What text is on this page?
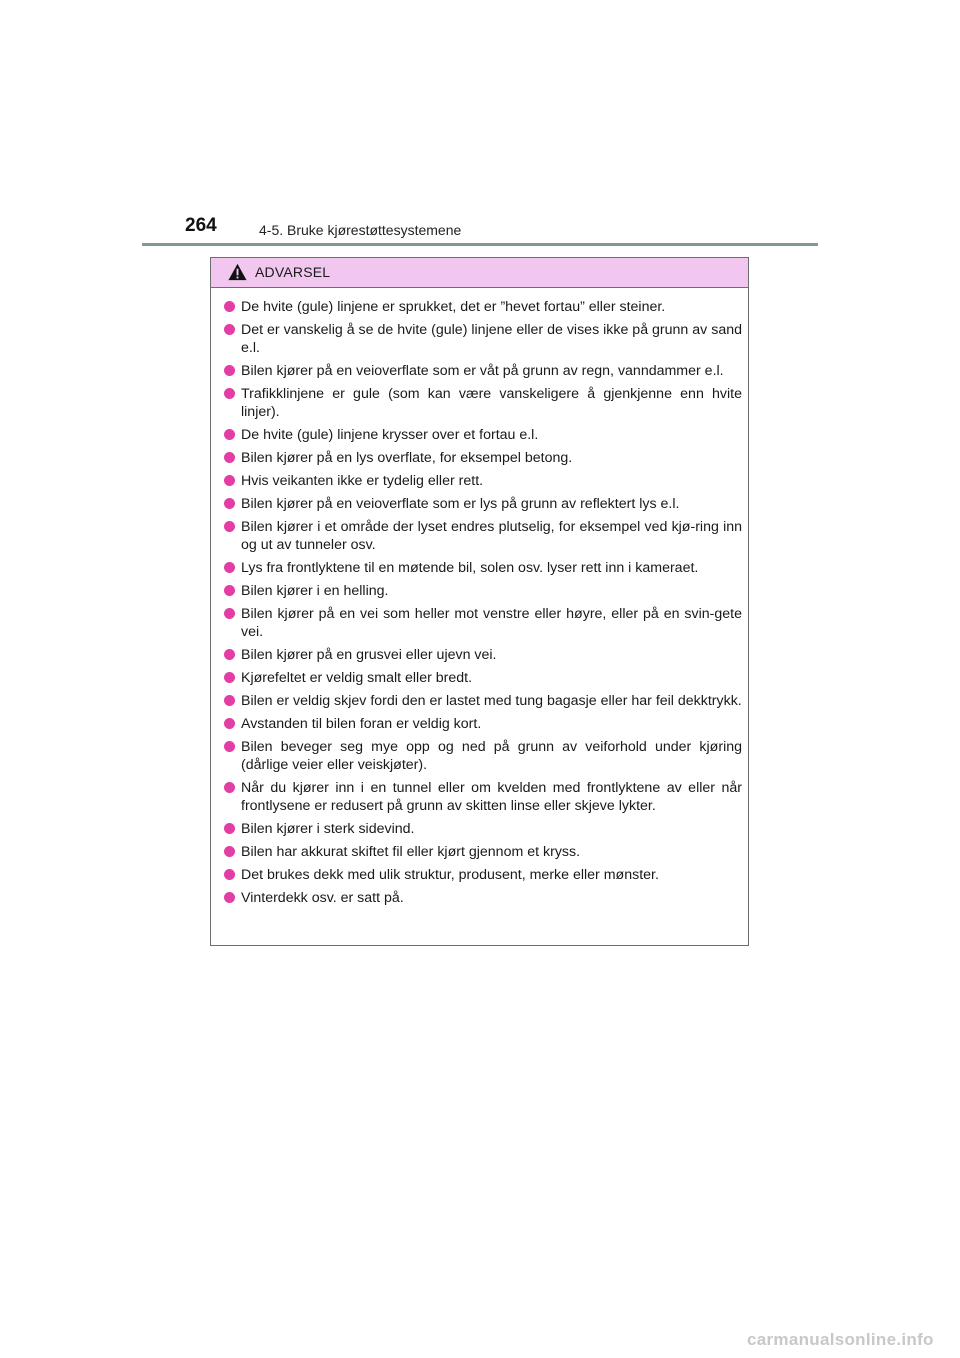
264	4-5. Bruke kjørestøttesystemene
ADVARSEL
De hvite (gule) linjene er sprukket, det er ”hevet fortau” eller steiner.
Det er vanskelig å se de hvite (gule) linjene eller de vises ikke på grunn av sand e.l.
Bilen kjører på en veioverflate som er våt på grunn av regn, vanndammer e.l.
Trafikklinjene er gule (som kan være vanskeligere å gjenkjenne enn hvite linjer).
De hvite (gule) linjene krysser over et fortau e.l.
Bilen kjører på en lys overflate, for eksempel betong.
Hvis veikanten ikke er tydelig eller rett.
Bilen kjører på en veioverflate som er lys på grunn av reflektert lys e.l.
Bilen kjører i et område der lyset endres plutselig, for eksempel ved kjø-ring inn og ut av tunneler osv.
Lys fra frontlyktene til en møtende bil, solen osv. lyser rett inn i kameraet.
Bilen kjører i en helling.
Bilen kjører på en vei som heller mot venstre eller høyre, eller på en svin-gete vei.
Bilen kjører på en grusvei eller ujevn vei.
Kjørefeltet er veldig smalt eller bredt.
Bilen er veldig skjev fordi den er lastet med tung bagasje eller har feil dekktrykk.
Avstanden til bilen foran er veldig kort.
Bilen beveger seg mye opp og ned på grunn av veiforhold under kjøring (dårlige veier eller veiskjøter).
Når du kjører inn i en tunnel eller om kvelden med frontlyktene av eller når frontlysene er redusert på grunn av skitten linse eller skjeve lykter.
Bilen kjører i sterk sidevind.
Bilen har akkurat skiftet fil eller kjørt gjennom et kryss.
Det brukes dekk med ulik struktur, produsent, merke eller mønster.
Vinterdekk osv. er satt på.
carmanualsonline.info
